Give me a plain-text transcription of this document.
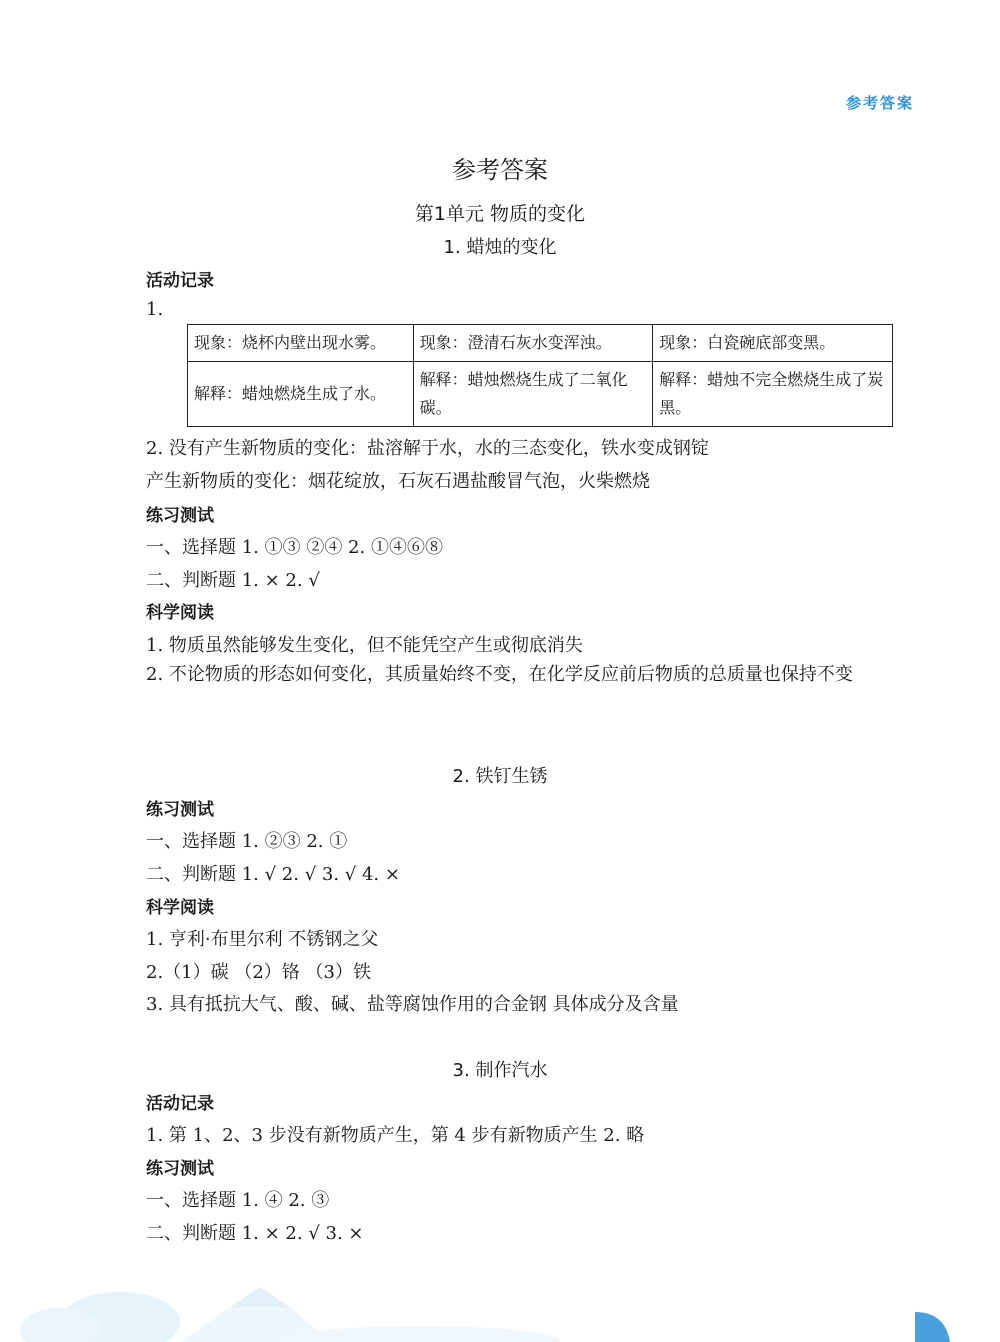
参考答案
参考答案
第1单元 物质的变化
1. 蜡烛的变化
活动记录
1.
现象：烧杯内壁出现水雾。	现象：澄清石灰水变浑浊。	现象：白瓷碗底部变黑。
解释：蜡烛燃烧生成了水。	解释：蜡烛燃烧生成了二氧化碳。	解释：蜡烛不完全燃烧生成了炭黑。
2. 没有产生新物质的变化：盐溶解于水，水的三态变化，铁水变成钢锭
产生新物质的变化：烟花绽放，石灰石遇盐酸冒气泡，火柴燃烧
练习测试
一、选择题 1. ①③ ②④ 2. ①④⑥⑧
二、判断题 1. × 2. √
科学阅读
1. 物质虽然能够发生变化，但不能凭空产生或彻底消失
2. 不论物质的形态如何变化，其质量始终不变，在化学反应前后物质的总质量也保持不变
2. 铁钉生锈
练习测试
一、选择题 1. ②③ 2. ①
二、判断题 1. √ 2. √ 3. √ 4. ×
科学阅读
1. 亨利·布里尔利 不锈钢之父
2.（1）碳 （2）铬 （3）铁
3. 具有抵抗大气、酸、碱、盐等腐蚀作用的合金钢 具体成分及含量
3. 制作汽水
活动记录
1. 第 1、2、3 步没有新物质产生，第 4 步有新物质产生 2. 略
练习测试
一、选择题 1. ④ 2. ③
二、判断题 1. × 2. √ 3. ×
